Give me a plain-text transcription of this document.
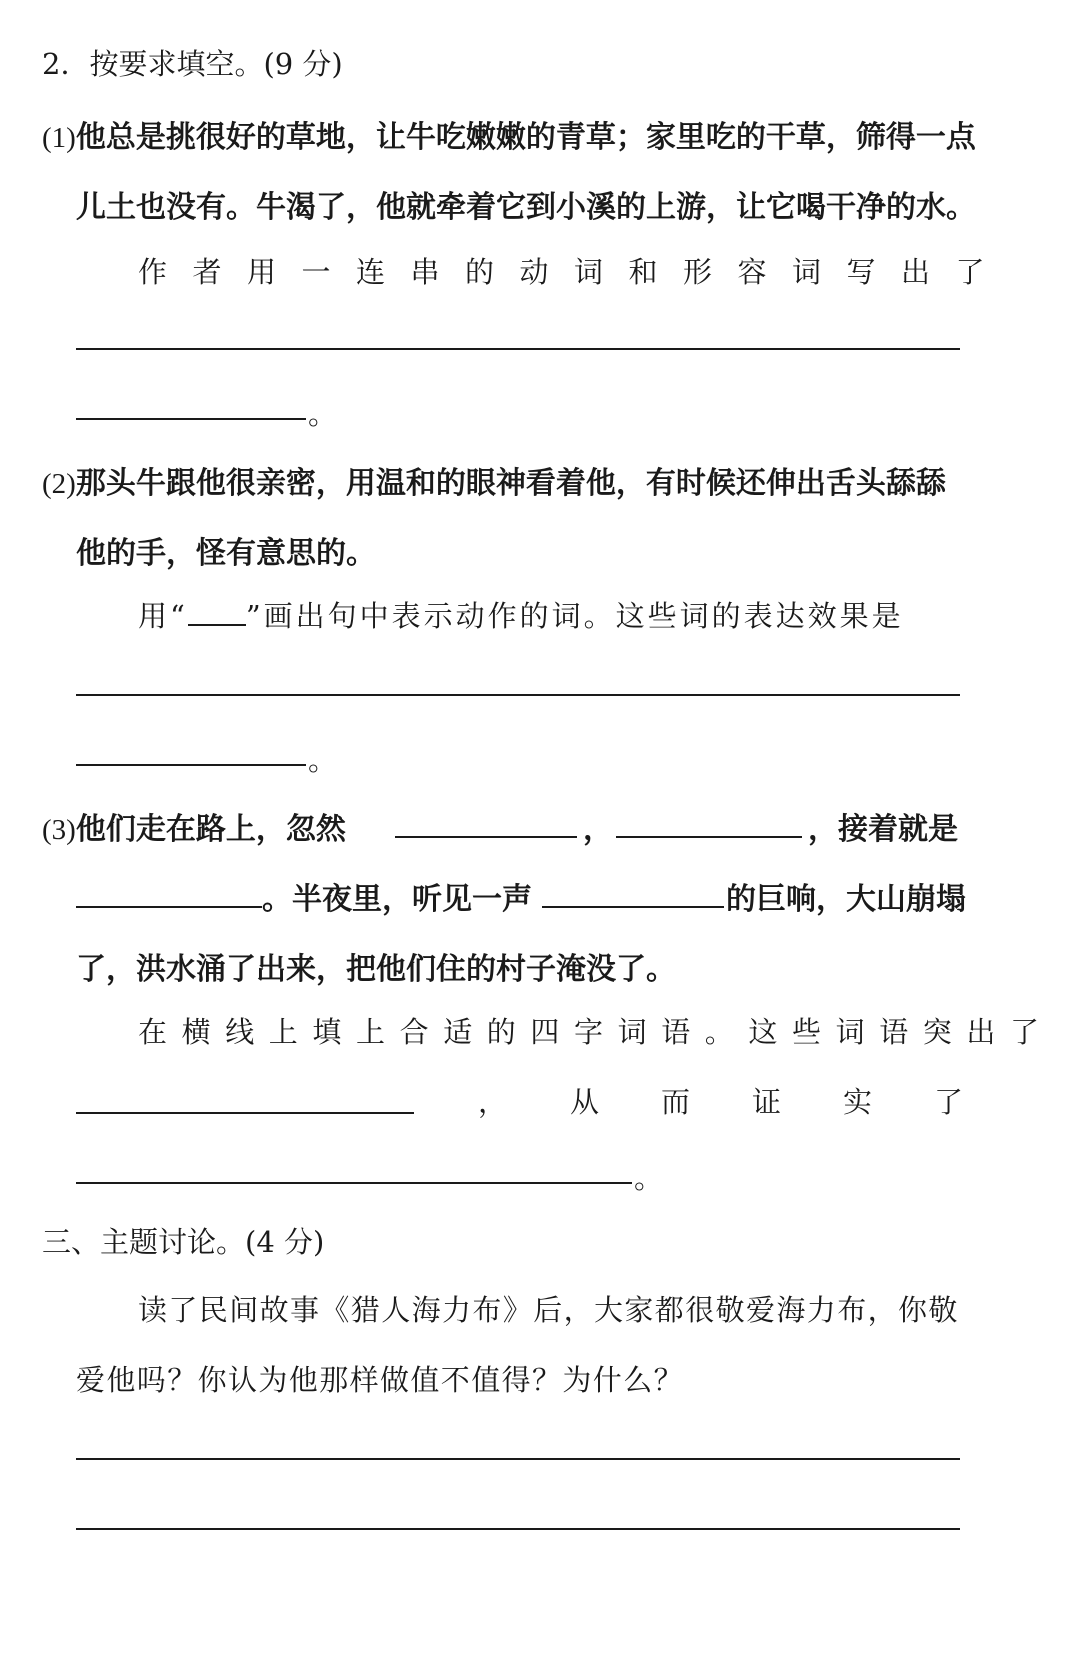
2．按要求填空。(9 分)
(1)他总是挑很好的草地，让牛吃嫩嫩的青草；家里吃的干草，筛得一点
儿土也没有。牛渴了，他就牵着它到小溪的上游，让它喝干净的水。
作者用一连串的动词和形容词写出了
。
(2)那头牛跟他很亲密，用温和的眼神看着他，有时候还伸出舌头舔舔
他的手，怪有意思的。
用“ ”画出句中表示动作的词。这些词的表达效果是
。
(3)他们走在路上，忽然	，	，接着就是
。半夜里，听见一声	的巨响，大山崩塌
了，洪水涌了出来，把他们住的村子淹没了。
在横线上填上合适的四字词语。这些词语突出了
， 从而证实了
。
三、主题讨论。(4 分)
读了民间故事《猎人海力布》后，大家都很敬爱海力布，你敬
爱他吗？你认为他那样做值不值得？为什么？
